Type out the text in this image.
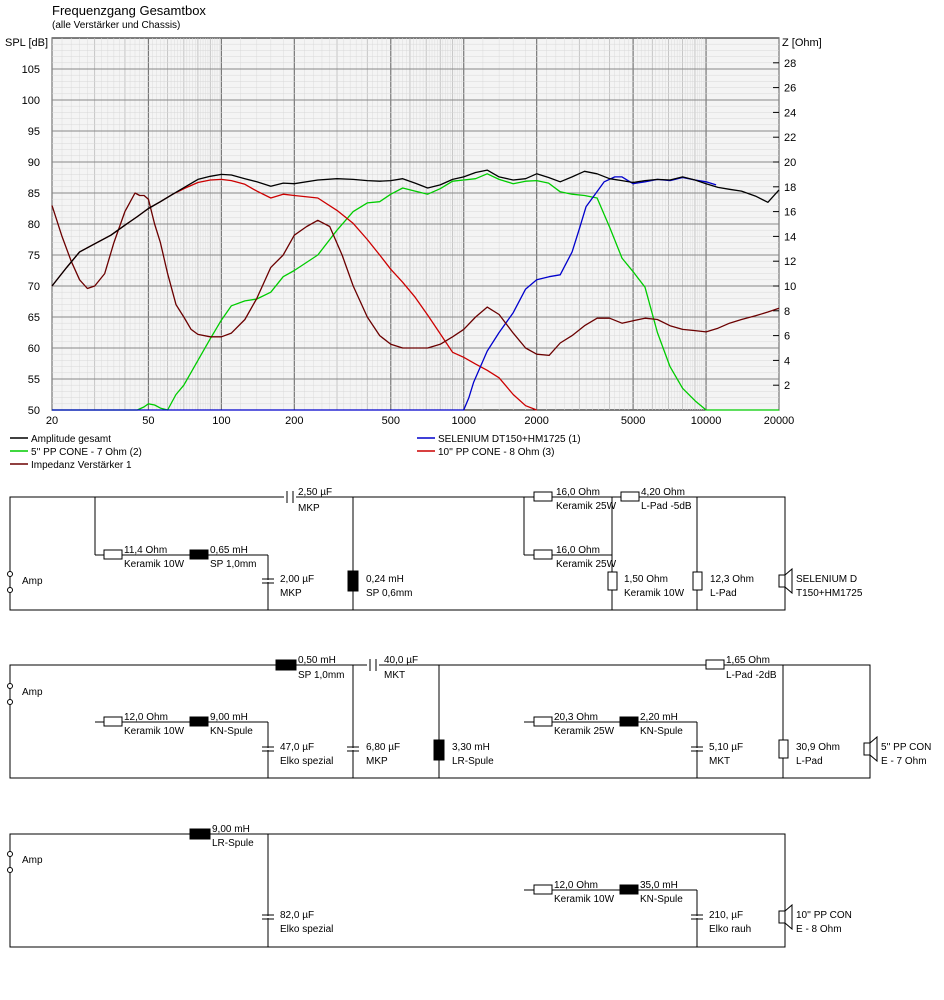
Frequenzgang Gesamtbox
(alle Verstärker und Chassis)
SPL [dB]	Z [Ohm]
50
55
60
65
70
75
80
85
90
95
100
105
2
4
6
8
10
12
14
16
18
20
22
24
26
28
20	50	100	200	500	1000	2000	5000	10000	20000
Amplitude gesamt
5'' PP CONE - 7 Ohm (2)
Impedanz Verstärker 1
SELENIUM DT150+HM1725 (1)
10'' PP CONE - 8 Ohm (3)
Amp
2,50 µF
MKP
11,4 Ohm
Keramik 10W
0,65 mH
SP 1,0mm
2,00 µF
MKP
0,24 mH
SP 0,6mm
16,0 Ohm
Keramik 25W
16,0 Ohm
Keramik 25W
4,20 Ohm
L-Pad -5dB
1,50 Ohm
Keramik 10W
12,3 Ohm
L-Pad
SELENIUM D
T150+HM1725
Amp
0,50 mH
SP 1,0mm
40,0 µF
MKT
12,0 Ohm
Keramik 10W
9,00 mH
KN-Spule
47,0 µF
Elko spezial
6,80 µF
MKP
3,30 mH
LR-Spule
20,3 Ohm
Keramik 25W
2,20 mH
KN-Spule
5,10 µF
MKT
1,65 Ohm
L-Pad -2dB
30,9 Ohm
L-Pad
5'' PP CON
E - 7 Ohm
Amp
9,00 mH
LR-Spule
82,0 µF
Elko spezial
12,0 Ohm
Keramik 10W
35,0 mH
KN-Spule
210, µF
Elko rauh
10'' PP CON
E - 8 Ohm
